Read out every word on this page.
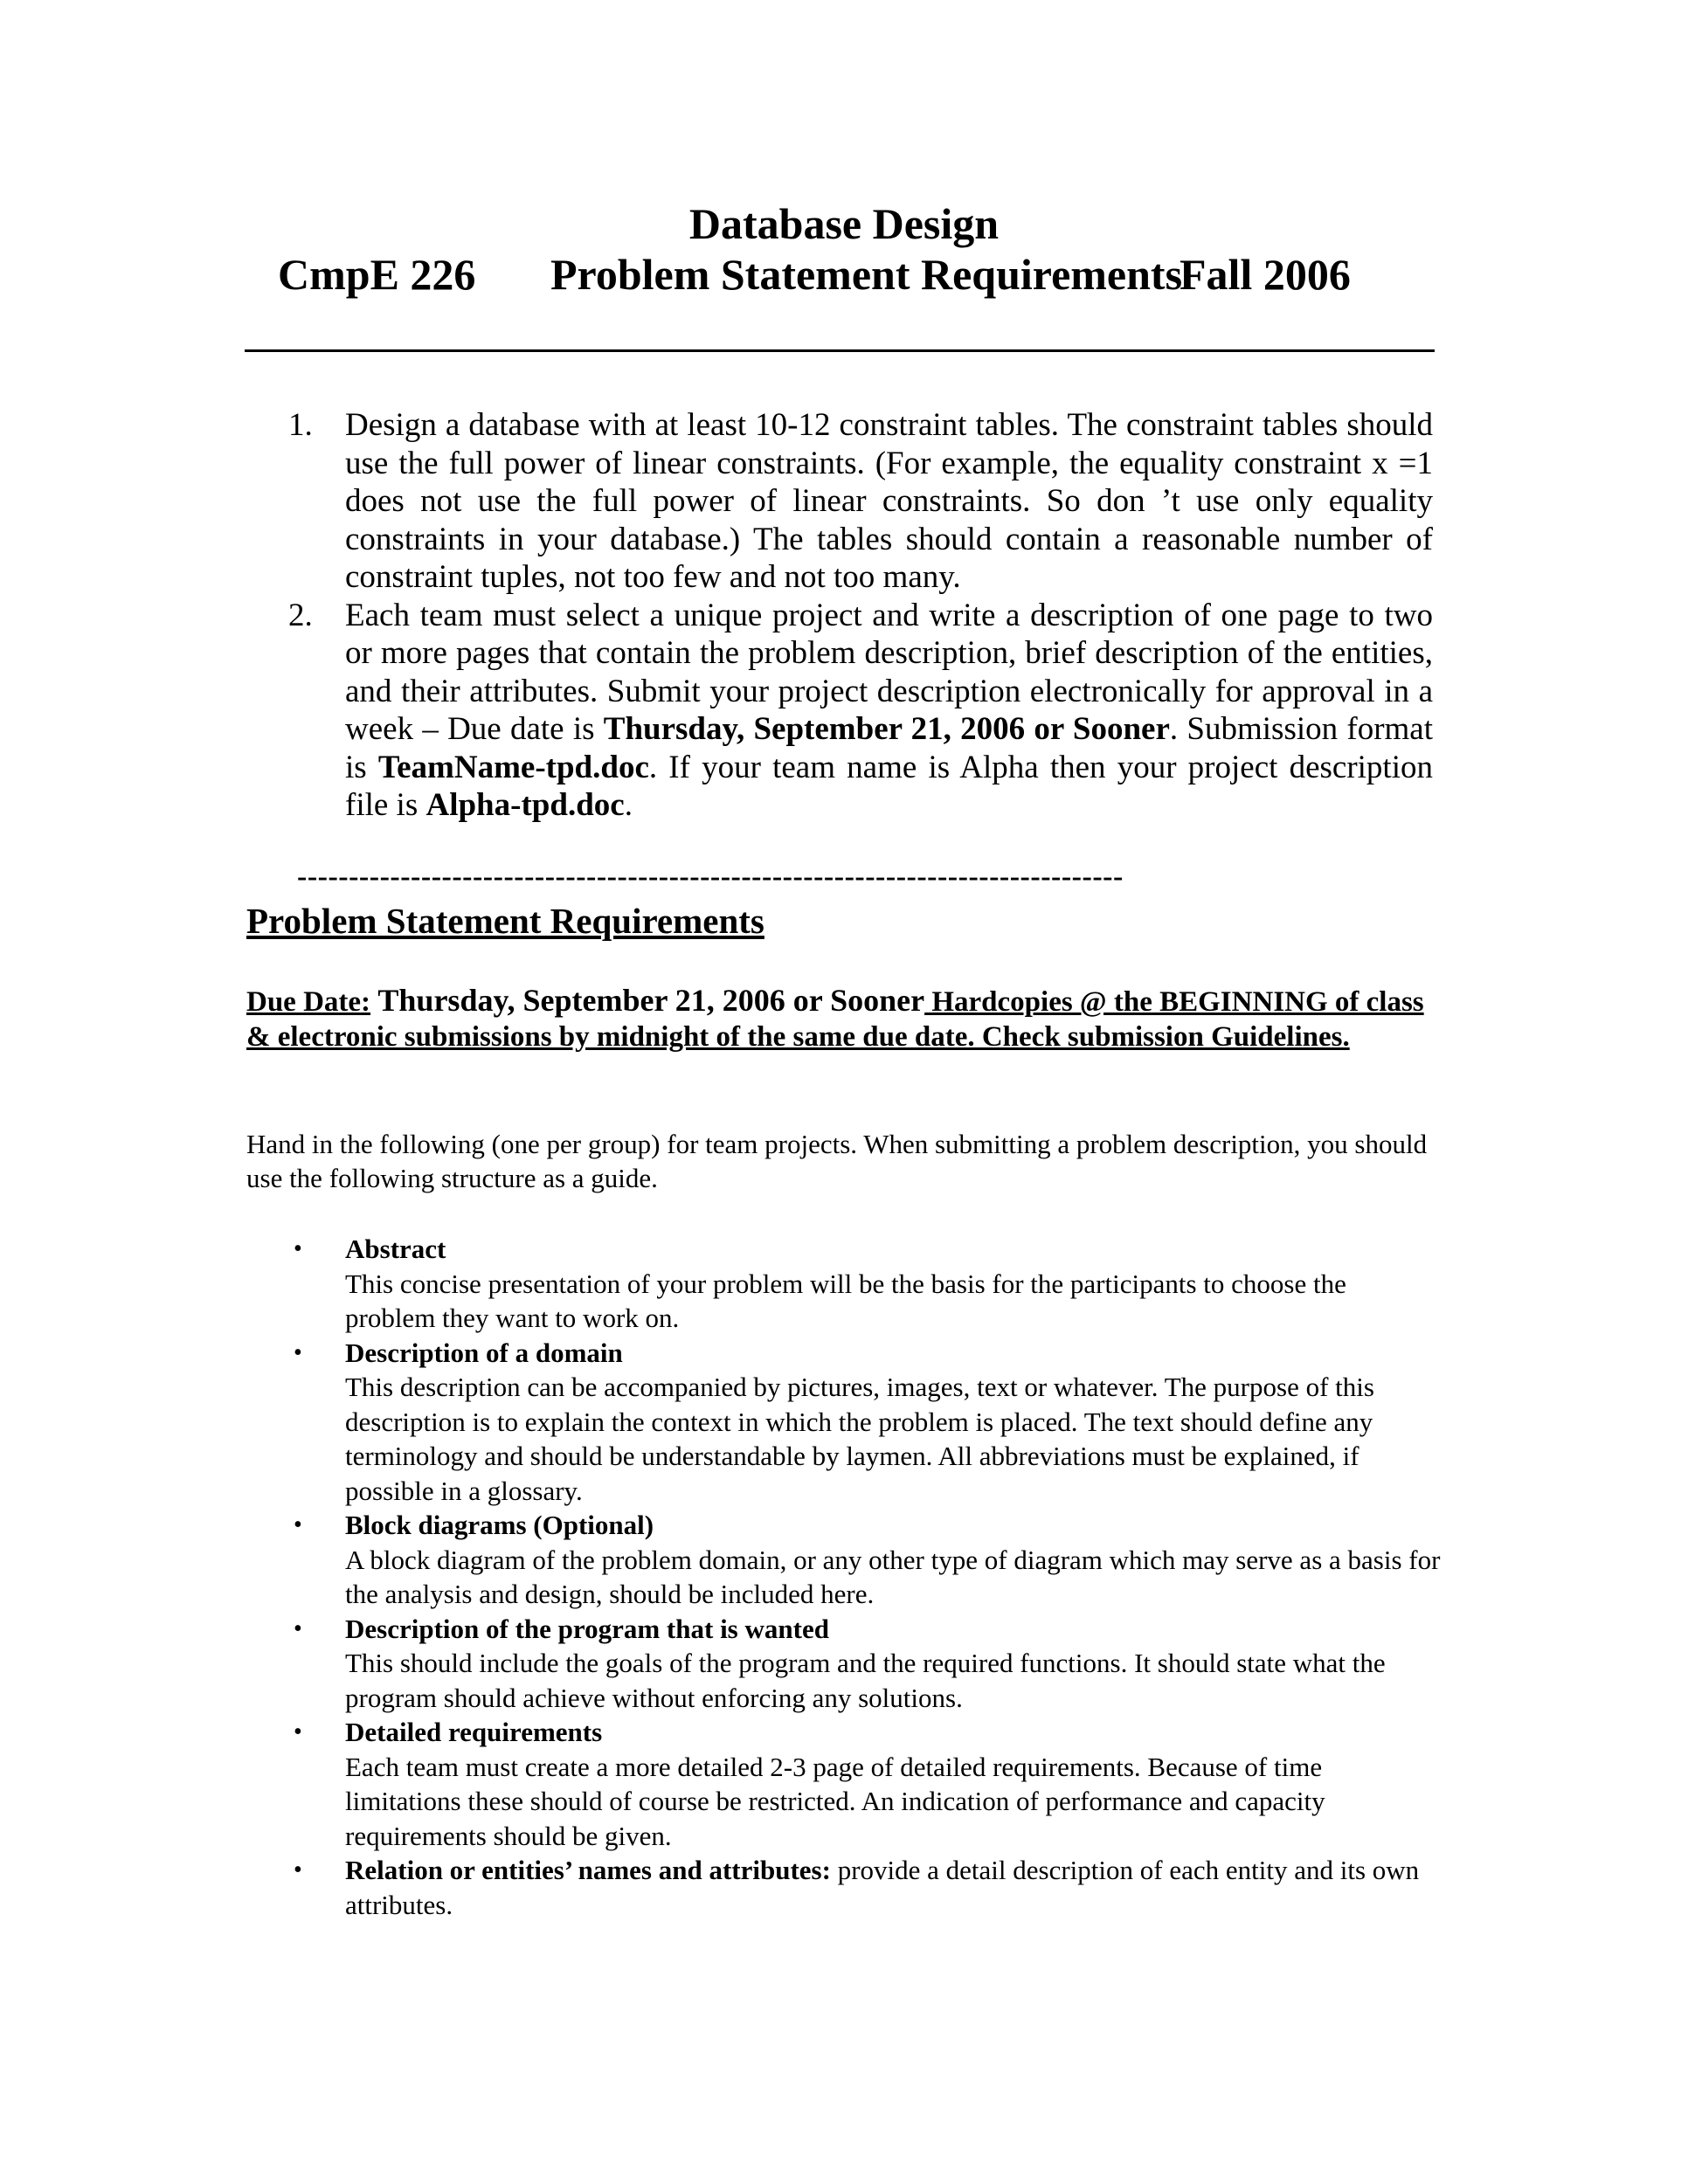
Database Design
CmpE 226 Problem Statement Requirements
Fall 2006
1. Design a database with at least 10-12 constraint tables. The constraint tables should use the full power of linear constraints. (For example, the equality constraint x =1 does not use the full power of linear constraints. So don ’t use only equality constraints in your database.) The tables should contain a reasonable number of constraint tuples, not too few and not too many.
2. Each team must select a unique project and write a description of one page to two or more pages that contain the problem description, brief description of the entities, and their attributes. Submit your project description electronically for approval in a week – Due date is Thursday, September 21, 2006 or Sooner. Submission format is TeamName-tpd.doc. If your team name is Alpha then your project description file is Alpha-tpd.doc.
--------------------------------------------------------------------------------
Problem Statement Requirements
Due Date: Thursday, September 21, 2006 or Sooner Hardcopies @ the BEGINNING of class & electronic submissions by midnight of the same due date. Check submission Guidelines.
Hand in the following (one per group) for team projects. When submitting a problem description, you should use the following structure as a guide.
• Abstract
This concise presentation of your problem will be the basis for the participants to choose the problem they want to work on.
• Description of a domain
This description can be accompanied by pictures, images, text or whatever. The purpose of this description is to explain the context in which the problem is placed. The text should define any terminology and should be understandable by laymen. All abbreviations must be explained, if possible in a glossary.
• Block diagrams (Optional)
A block diagram of the problem domain, or any other type of diagram which may serve as a basis for the analysis and design, should be included here.
• Description of the program that is wanted
This should include the goals of the program and the required functions. It should state what the program should achieve without enforcing any solutions.
• Detailed requirements
Each team must create a more detailed 2-3 page of detailed requirements. Because of time limitations these should of course be restricted. An indication of performance and capacity requirements should be given.
• Relation or entities’ names and attributes: provide a detail description of each entity and its own attributes.
